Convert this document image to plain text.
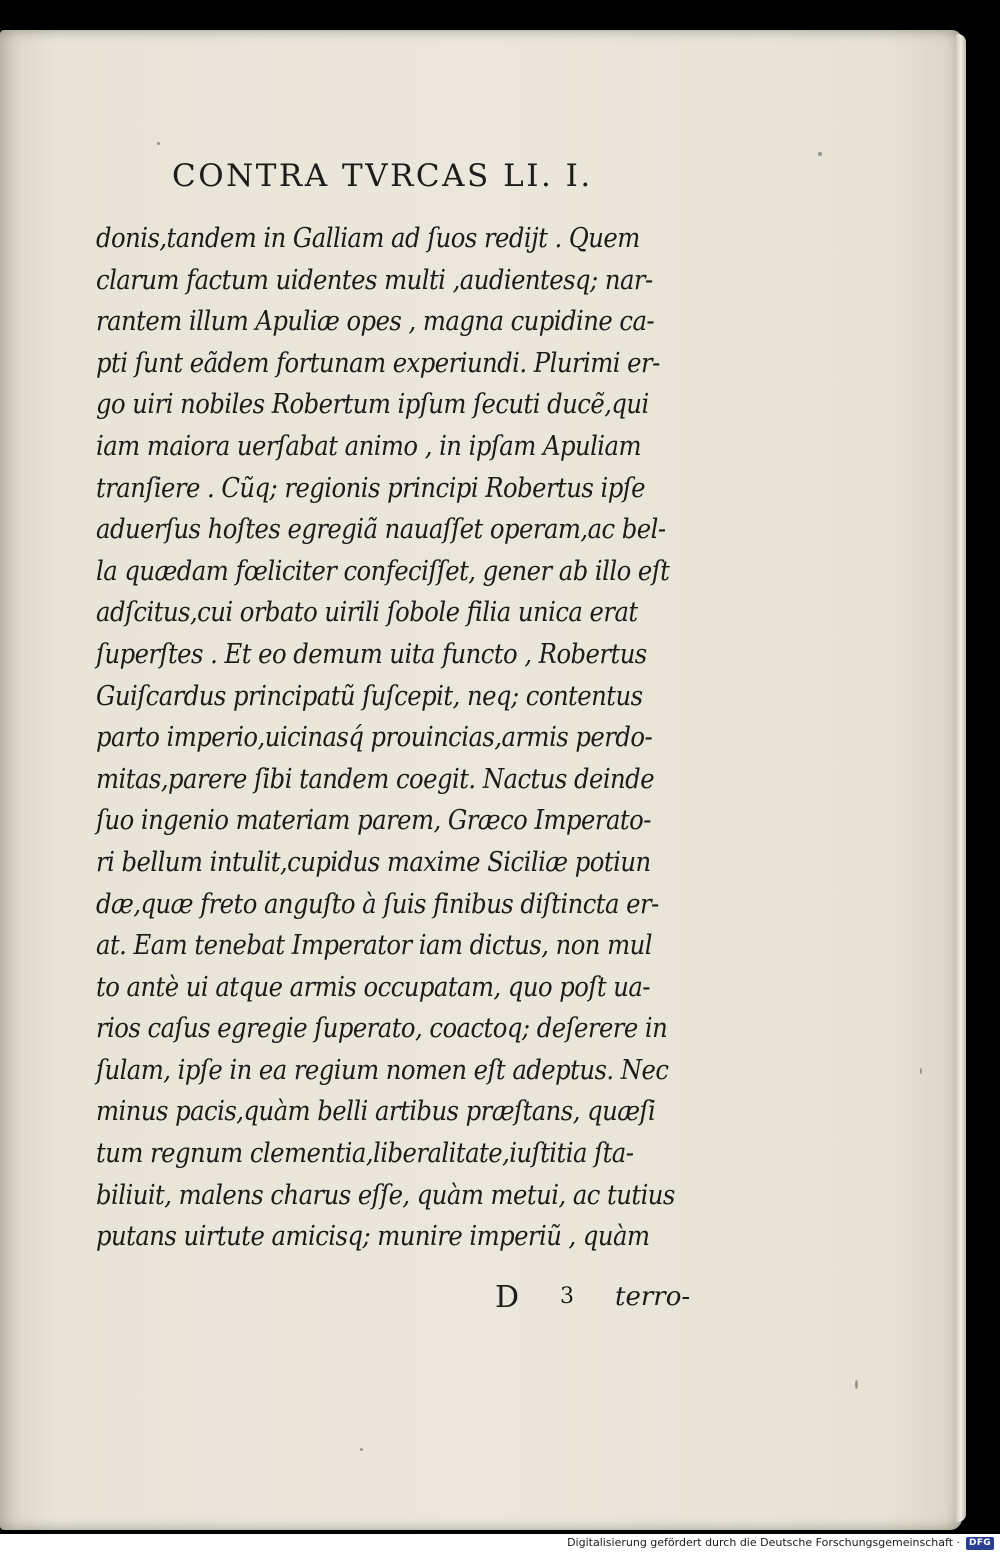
CONTRA TVRCAS LI. I.
donis,tandem in Galliam ad ſuos rediјt . Quem
clarum factum uidentes multi ,audientesq; nar-
rantem illum Apuliæ opes , magna cupidine ca-
pti ſunt eãdem fortunam experiundi. Plurimi er-
go uiri nobiles Robertum ipſum ſecuti ducẽ,qui
iam maiora uerſabat animo , in ipſam Apuliam
tranſiere . Cũq; regionis principi Robertus ipſe
aduerſus hoſtes egregiã nauaſſet operam,ac bel-
la quædam fœliciter confeciſſet, gener ab illo eſt
adſcitus,cui orbato uirili ſobole filia unica erat
ſuperſtes . Et eo demum uita functo , Robertus
Guiſcardus principatũ ſuſcepit, neq; contentus
parto imperio,uicinasq́ prouincias,armis perdo-
mitas,parere ſibi tandem coegit. Nactus deinde
ſuo ingenio materiam parem, Græco Imperato-
ri bellum intulit,cupidus maxime Siciliæ potiun
dæ,quæ freto anguſto à ſuis finibus diſtincta er-
at. Eam tenebat Imperator iam dictus, non mul
to antè ui atque armis occupatam, quo poſt ua-
rios caſus egregie ſuperato, coactoq; deſerere in
ſulam, ipſe in ea regium nomen eſt adeptus. Nec
minus pacis,quàm belli artibus præſtans, quæſi
tum regnum clementia,liberalitate,iuſtitia ſta-
biliuit, malens charus eſſe, quàm metui, ac tutius
putans uirtute amicisq; munire imperiũ , quàm
D 3 terro-
Digitalisierung gefördert durch die Deutsche Forschungsgemeinschaft ·	DFG
